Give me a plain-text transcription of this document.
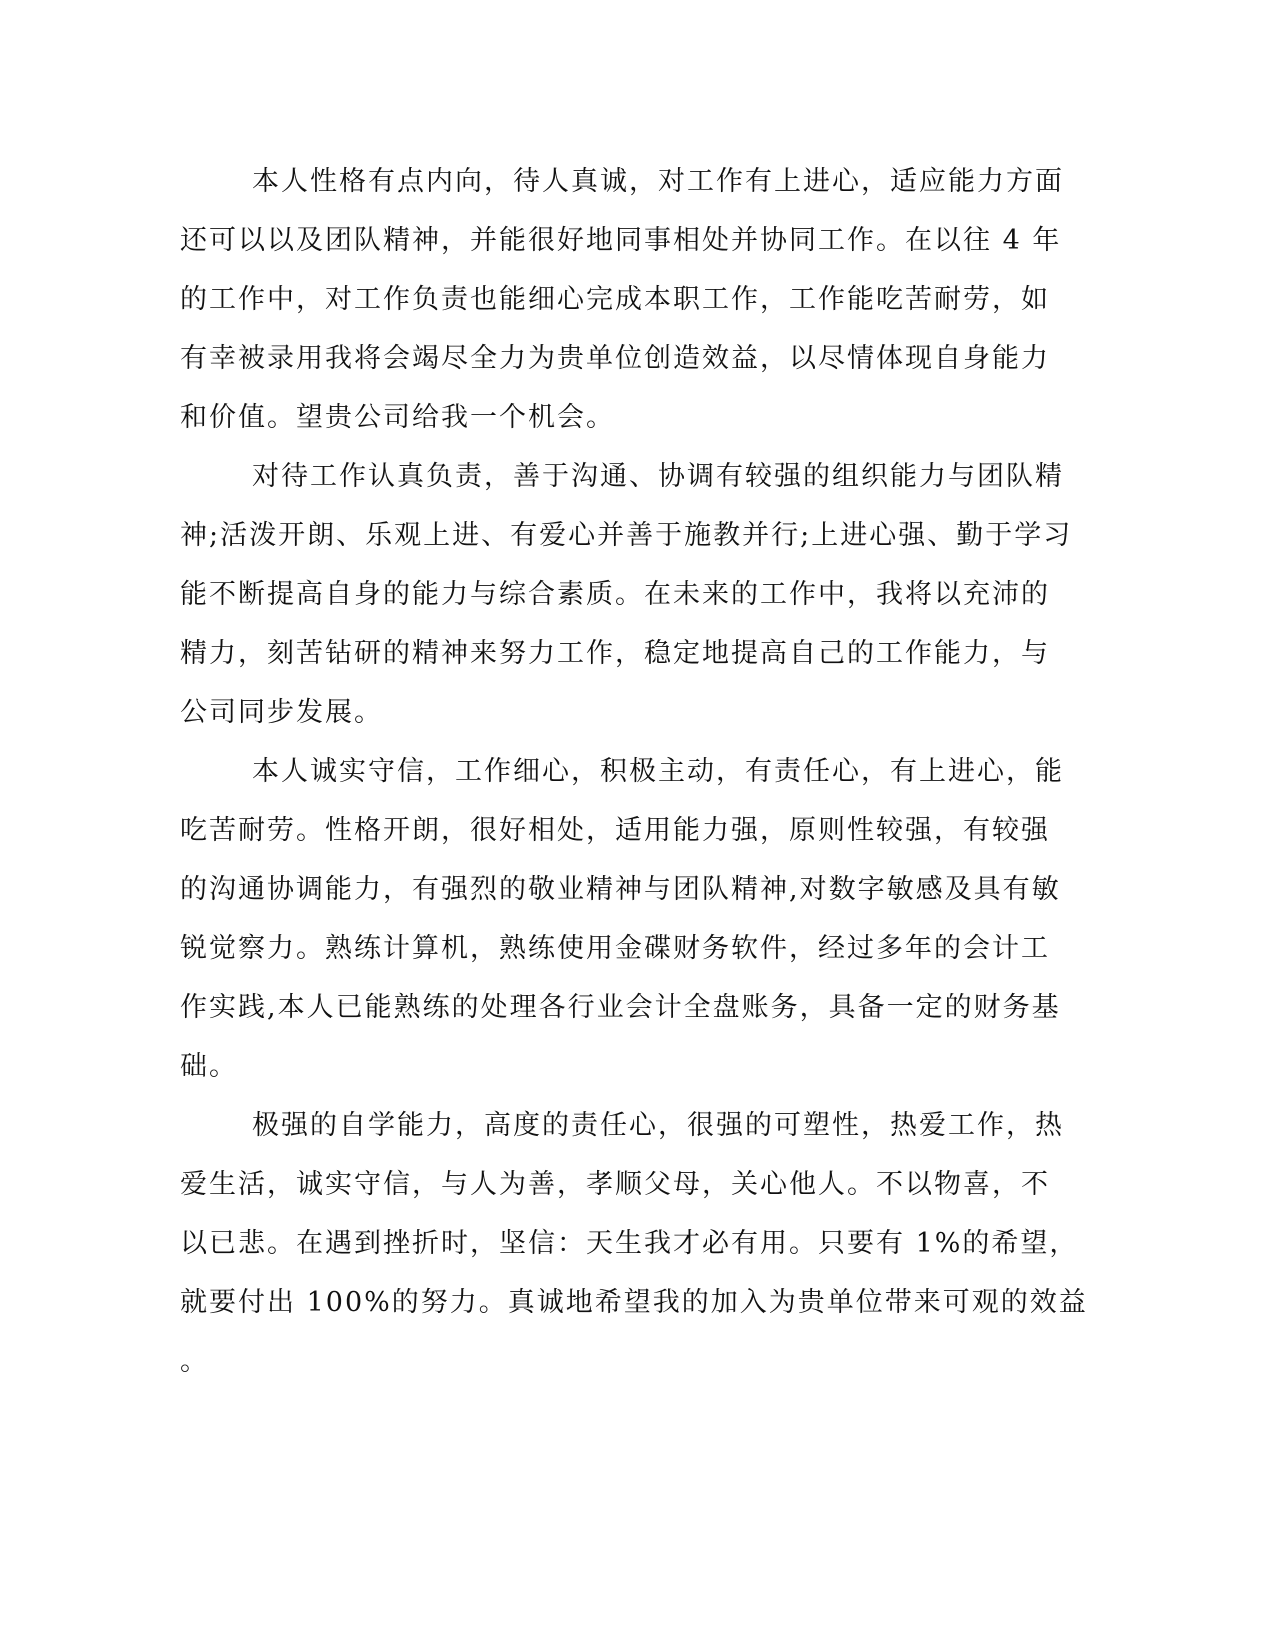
本人性格有点内向，待人真诚，对工作有上进心，适应能力方面
还可以以及团队精神，并能很好地同事相处并协同工作。在以往 4 年
的工作中，对工作负责也能细心完成本职工作，工作能吃苦耐劳，如
有幸被录用我将会竭尽全力为贵单位创造效益，以尽情体现自身能力
和价值。望贵公司给我一个机会。
对待工作认真负责，善于沟通、协调有较强的组织能力与团队精
神;活泼开朗、乐观上进、有爱心并善于施教并行;上进心强、勤于学习
能不断提高自身的能力与综合素质。在未来的工作中，我将以充沛的
精力，刻苦钻研的精神来努力工作，稳定地提高自己的工作能力，与
公司同步发展。
本人诚实守信，工作细心，积极主动，有责任心，有上进心，能
吃苦耐劳。性格开朗，很好相处，适用能力强，原则性较强，有较强
的沟通协调能力，有强烈的敬业精神与团队精神,对数字敏感及具有敏
锐觉察力。熟练计算机，熟练使用金碟财务软件，经过多年的会计工
作实践,本人已能熟练的处理各行业会计全盘账务，具备一定的财务基
础。
极强的自学能力，高度的责任心，很强的可塑性，热爱工作，热
爱生活，诚实守信，与人为善，孝顺父母，关心他人。不以物喜，不
以已悲。在遇到挫折时，坚信：天生我才必有用。只要有 1%的希望，
就要付出 100%的努力。真诚地希望我的加入为贵单位带来可观的效益
。
